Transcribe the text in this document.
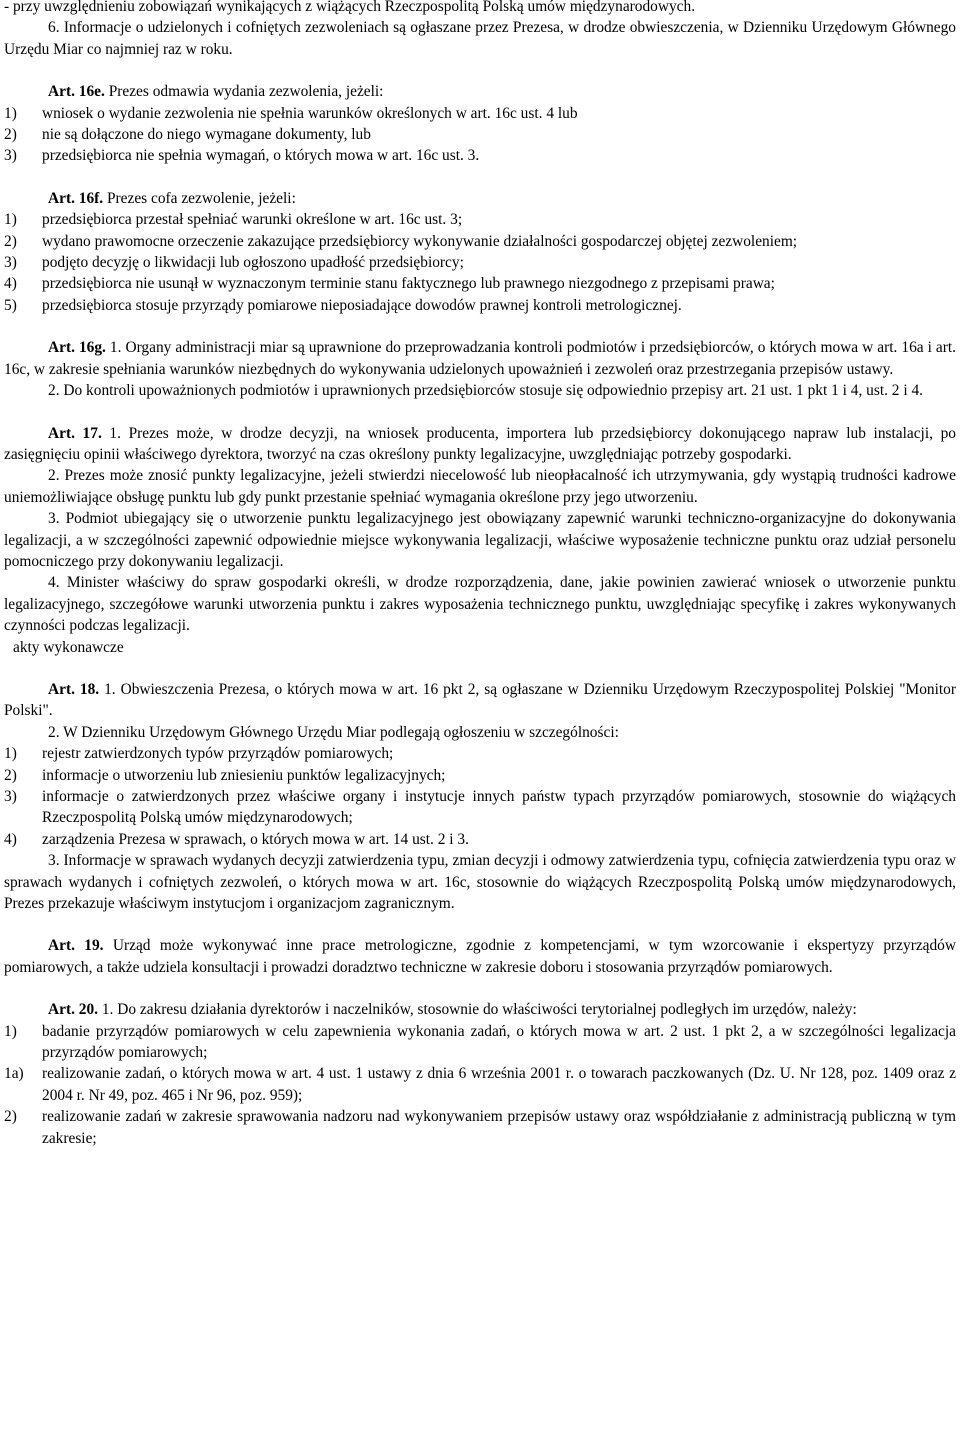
- przy uwzględnieniu zobowiązań wynikających z wiążących Rzeczpospolitą Polską umów międzynarodowych.

6. Informacje o udzielonych i cofniętych zezwoleniach są ogłaszane przez Prezesa, w drodze obwieszczenia, w Dzienniku Urzędowym Głównego Urzędu Miar co najmniej raz w roku.

Art. 16e. Prezes odmawia wydania zezwolenia, jeżeli:

1)	wniosek o wydanie zezwolenia nie spełnia warunków określonych w art. 16c ust. 4 lub
2)	nie są dołączone do niego wymagane dokumenty, lub
3)	przedsiębiorca nie spełnia wymagań, o których mowa w art. 16c ust. 3.

Art. 16f. Prezes cofa zezwolenie, jeżeli:

1)	przedsiębiorca przestał spełniać warunki określone w art. 16c ust. 3;
2)	wydano prawomocne orzeczenie zakazujące przedsiębiorcy wykonywanie działalności gospodarczej objętej zezwoleniem;
3)	podjęto decyzję o likwidacji lub ogłoszono upadłość przedsiębiorcy;
4)	przedsiębiorca nie usunął w wyznaczonym terminie stanu faktycznego lub prawnego niezgodnego z przepisami prawa;
5)	przedsiębiorca stosuje przyrządy pomiarowe nieposiadające dowodów prawnej kontroli metrologicznej.

Art. 16g. 1. Organy administracji miar są uprawnione do przeprowadzania kontroli podmiotów i przedsiębiorców, o których mowa w art. 16a i art. 16c, w zakresie spełniania warunków niezbędnych do wykonywania udzielonych upoważnień i zezwoleń oraz przestrzegania przepisów ustawy.

2. Do kontroli upoważnionych podmiotów i uprawnionych przedsiębiorców stosuje się odpowiednio przepisy art. 21 ust. 1 pkt 1 i 4, ust. 2 i 4.

Art. 17. 1. Prezes może, w drodze decyzji, na wniosek producenta, importera lub przedsiębiorcy dokonującego napraw lub instalacji, po zasięgnięciu opinii właściwego dyrektora, tworzyć na czas określony punkty legalizacyjne, uwzględniając potrzeby gospodarki.

2. Prezes może znosić punkty legalizacyjne, jeżeli stwierdzi niecelowość lub nieopłacalność ich utrzymywania, gdy wystąpią trudności kadrowe uniemożliwiające obsługę punktu lub gdy punkt przestanie spełniać wymagania określone przy jego utworzeniu.

3. Podmiot ubiegający się o utworzenie punktu legalizacyjnego jest obowiązany zapewnić warunki techniczno-organizacyjne do dokonywania legalizacji, a w szczególności zapewnić odpowiednie miejsce wykonywania legalizacji, właściwe wyposażenie techniczne punktu oraz udział personelu pomocniczego przy dokonywaniu legalizacji.

4. Minister właściwy do spraw gospodarki określi, w drodze rozporządzenia, dane, jakie powinien zawierać wniosek o utworzenie punktu legalizacyjnego, szczegółowe warunki utworzenia punktu i zakres wyposażenia technicznego punktu, uwzględniając specyfikę i zakres wykonywanych czynności podczas legalizacji.

akty wykonawcze

Art. 18. 1. Obwieszczenia Prezesa, o których mowa w art. 16 pkt 2, są ogłaszane w Dzienniku Urzędowym Rzeczypospolitej Polskiej "Monitor Polski".

2. W Dzienniku Urzędowym Głównego Urzędu Miar podlegają ogłoszeniu w szczególności:

1)	rejestr zatwierdzonych typów przyrządów pomiarowych;
2)	informacje o utworzeniu lub zniesieniu punktów legalizacyjnych;
3)	informacje o zatwierdzonych przez właściwe organy i instytucje innych państw typach przyrządów pomiarowych, stosownie do wiążących Rzeczpospolitą Polską umów międzynarodowych;
4)	zarządzenia Prezesa w sprawach, o których mowa w art. 14 ust. 2 i 3.

3. Informacje w sprawach wydanych decyzji zatwierdzenia typu, zmian decyzji i odmowy zatwierdzenia typu, cofnięcia zatwierdzenia typu oraz w sprawach wydanych i cofniętych zezwoleń, o których mowa w art. 16c, stosownie do wiążących Rzeczpospolitą Polską umów międzynarodowych, Prezes przekazuje właściwym instytucjom i organizacjom zagranicznym.

Art. 19. Urząd może wykonywać inne prace metrologiczne, zgodnie z kompetencjami, w tym wzorcowanie i ekspertyzy przyrządów pomiarowych, a także udziela konsultacji i prowadzi doradztwo techniczne w zakresie doboru i stosowania przyrządów pomiarowych.

Art. 20. 1. Do zakresu działania dyrektorów i naczelników, stosownie do właściwości terytorialnej podległych im urzędów, należy:

1)	badanie przyrządów pomiarowych w celu zapewnienia wykonania zadań, o których mowa w art. 2 ust. 1 pkt 2, a w szczególności legalizacja przyrządów pomiarowych;
1a)	realizowanie zadań, o których mowa w art. 4 ust. 1 ustawy z dnia 6 września 2001 r. o towarach paczkowanych (Dz. U. Nr 128, poz. 1409 oraz z 2004 r. Nr 49, poz. 465 i Nr 96, poz. 959);
2)	realizowanie zadań w zakresie sprawowania nadzoru nad wykonywaniem przepisów ustawy oraz współdziałanie z administracją publiczną w tym zakresie;
